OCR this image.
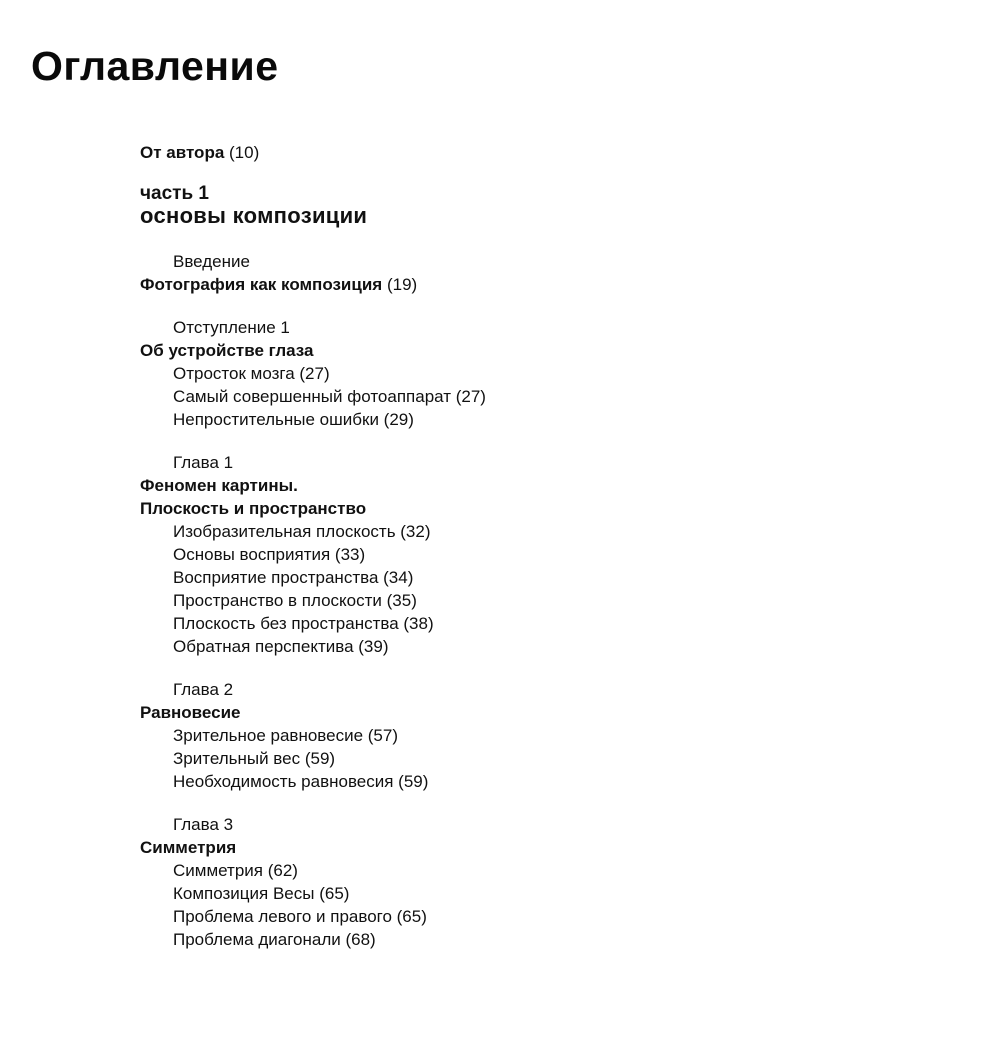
Оглавление
От автора (10)
часть 1
основы композиции
Введение
Фотография как композиция (19)
Отступление 1
Об устройстве глаза
Отросток мозга (27)
Самый совершенный фотоаппарат (27)
Непростительные ошибки (29)
Глава 1
Феномен картины.
Плоскость и пространство
Изобразительная плоскость (32)
Основы восприятия (33)
Восприятие пространства (34)
Пространство в плоскости (35)
Плоскость без пространства (38)
Обратная перспектива (39)
Глава 2
Равновесие
Зрительное равновесие (57)
Зрительный вес (59)
Необходимость равновесия (59)
Глава 3
Симметрия
Симметрия (62)
Композиция Весы (65)
Проблема левого и правого (65)
Проблема диагонали (68)
